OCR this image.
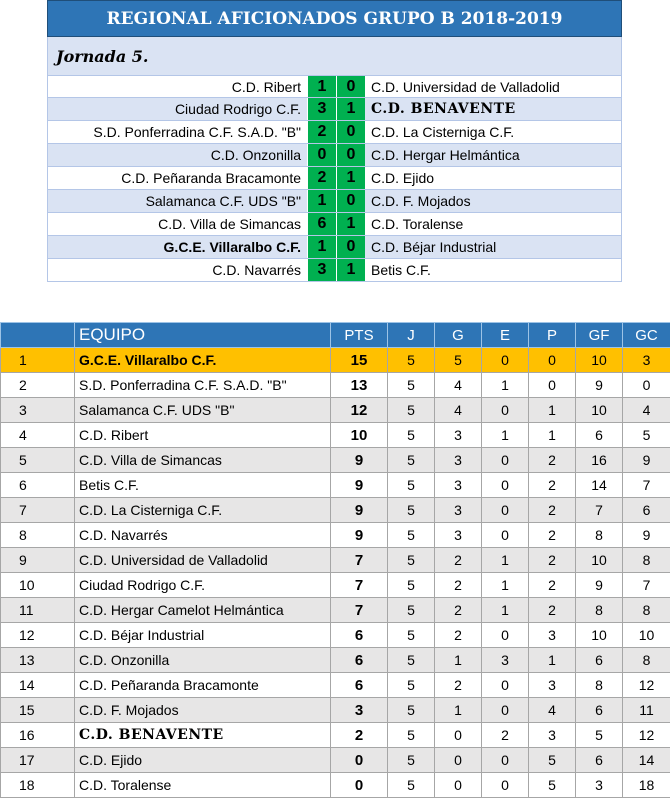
REGIONAL AFICIONADOS GRUPO B 2018-2019
Jornada 5.
C.D. Ribert	1	0	C.D. Universidad de Valladolid
Ciudad Rodrigo C.F.	3	1	C.D. BENAVENTE
S.D. Ponferradina C.F. S.A.D. "B"	2	0	C.D. La Cisterniga C.F.
C.D. Onzonilla	0	0	C.D. Hergar Helmántica
C.D. Peñaranda Bracamonte	2	1	C.D. Ejido
Salamanca C.F. UDS "B"	1	0	C.D. F. Mojados
C.D. Villa de Simancas	6	1	C.D. Toralense
G.C.E. Villaralbo C.F.	1	0	C.D. Béjar Industrial
C.D. Navarrés	3	1	Betis C.F.
	EQUIPO	PTS	J	G	E	P	GF	GC
1	G.C.E. Villaralbo C.F.	15	5	5	0	0	10	3
2	S.D. Ponferradina C.F. S.A.D. "B"	13	5	4	1	0	9	0
3	Salamanca C.F. UDS "B"	12	5	4	0	1	10	4
4	C.D. Ribert	10	5	3	1	1	6	5
5	C.D. Villa de Simancas	9	5	3	0	2	16	9
6	Betis C.F.	9	5	3	0	2	14	7
7	C.D. La Cisterniga C.F.	9	5	3	0	2	7	6
8	C.D. Navarrés	9	5	3	0	2	8	9
9	C.D. Universidad de Valladolid	7	5	2	1	2	10	8
10	Ciudad Rodrigo C.F.	7	5	2	1	2	9	7
11	C.D. Hergar Camelot Helmántica	7	5	2	1	2	8	8
12	C.D. Béjar Industrial	6	5	2	0	3	10	10
13	C.D. Onzonilla	6	5	1	3	1	6	8
14	C.D. Peñaranda Bracamonte	6	5	2	0	3	8	12
15	C.D. F. Mojados	3	5	1	0	4	6	11
16	C.D. BENAVENTE	2	5	0	2	3	5	12
17	C.D. Ejido	0	5	0	0	5	6	14
18	C.D. Toralense	0	5	0	0	5	3	18
